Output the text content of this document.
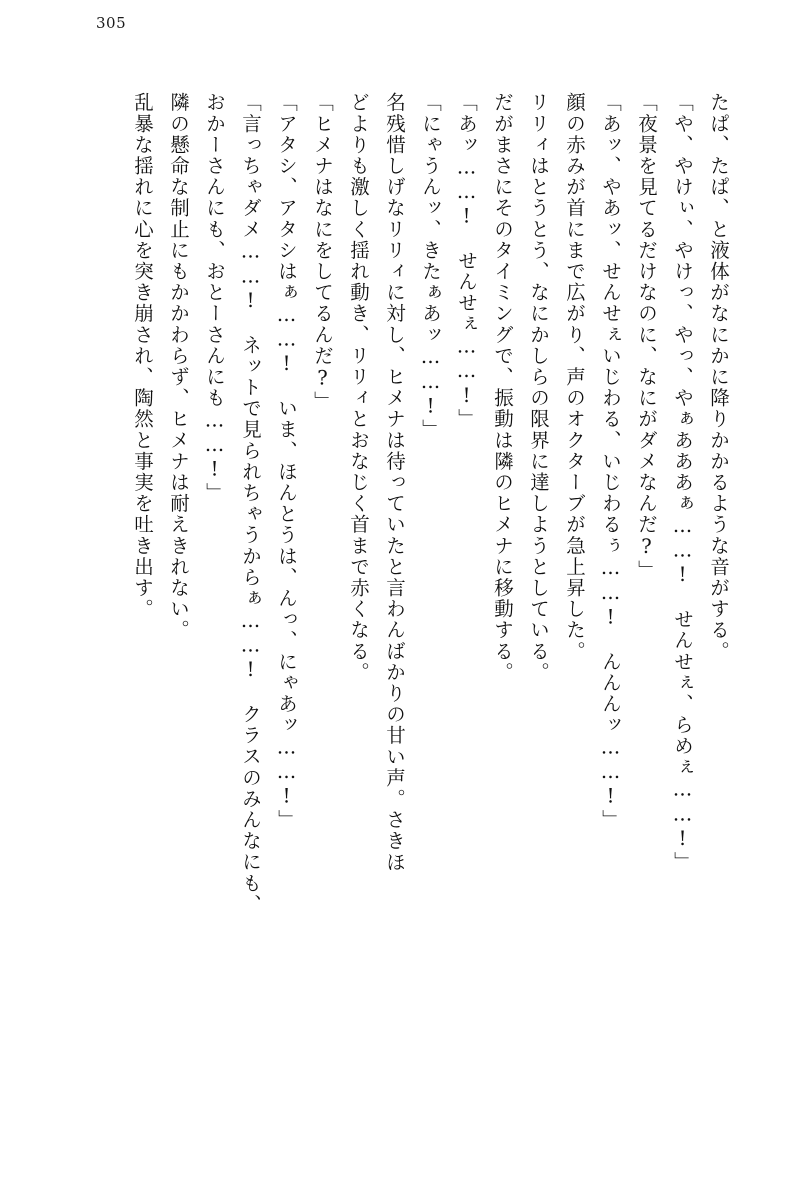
305
たぱ、たぱ、と液体がなにかに降りかかるような音がする。
「や、やけぃ、やけっ、やっ、やぁあああぁ……!　せんせぇ、らめぇ……!」
「夜景を見てるだけなのに、なにがダメなんだ?」
「あッ、やあッ、せんせぇいじわる、いじわるぅ……!　んんんッ……!」
顔の赤みが首にまで広がり、声のオクターブが急上昇した。
リリィはとうとう、なにかしらの限界に達しようとしている。
だがまさにそのタイミングで、振動は隣のヒメナに移動する。
「あッ……!　せんせぇ……!」
「にゃうんッ、きたぁあッ……!」
名残惜しげなリリィに対し、ヒメナは待っていたと言わんばかりの甘い声。さきほ
どよりも激しく揺れ動き、リリィとおなじく首まで赤くなる。
「ヒメナはなにをしてるんだ?」
「アタシ、アタシはぁ……!　いま、ほんとうは、んっ、にゃあッ……!」
「言っちゃダメ……!　ネットで見られちゃうからぁ……!　クラスのみんなにも、
おかーさんにも、おとーさんにも……!」
隣の懸命な制止にもかかわらず、ヒメナは耐えきれない。
乱暴な揺れに心を突き崩され、陶然と事実を吐き出す。
